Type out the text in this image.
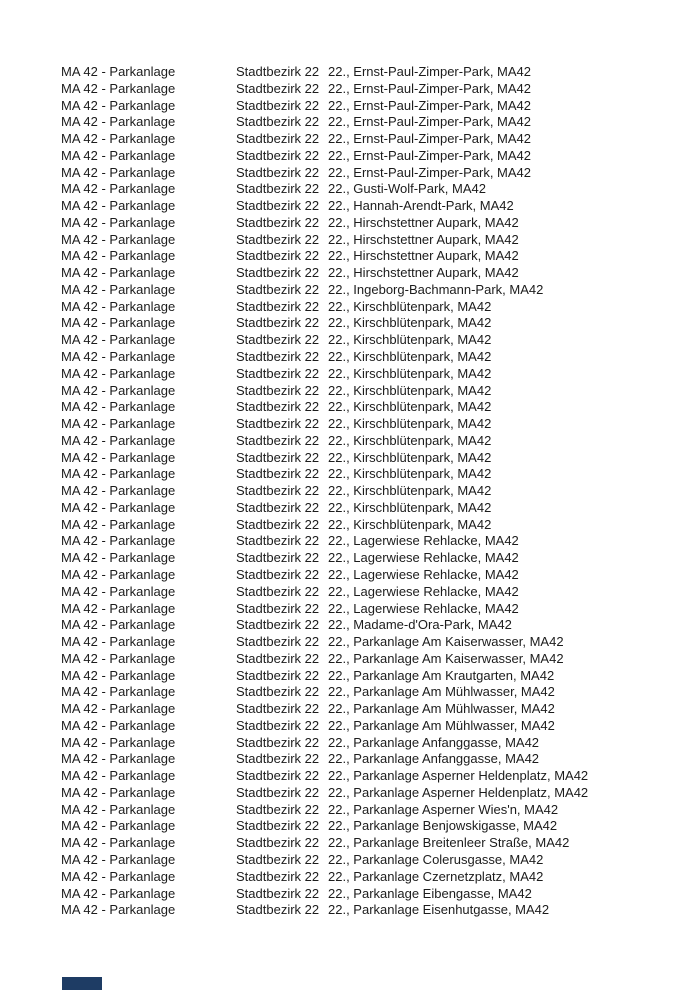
MA 42 - Parkanlage	Stadtbezirk 22 22., Ernst-Paul-Zimper-Park, MA42
MA 42 - Parkanlage	Stadtbezirk 22 22., Ernst-Paul-Zimper-Park, MA42
MA 42 - Parkanlage	Stadtbezirk 22 22., Ernst-Paul-Zimper-Park, MA42
MA 42 - Parkanlage	Stadtbezirk 22 22., Ernst-Paul-Zimper-Park, MA42
MA 42 - Parkanlage	Stadtbezirk 22 22., Ernst-Paul-Zimper-Park, MA42
MA 42 - Parkanlage	Stadtbezirk 22 22., Ernst-Paul-Zimper-Park, MA42
MA 42 - Parkanlage	Stadtbezirk 22 22., Ernst-Paul-Zimper-Park, MA42
MA 42 - Parkanlage	Stadtbezirk 22 22., Gusti-Wolf-Park, MA42
MA 42 - Parkanlage	Stadtbezirk 22 22., Hannah-Arendt-Park, MA42
MA 42 - Parkanlage	Stadtbezirk 22 22., Hirschstettner Aupark, MA42
MA 42 - Parkanlage	Stadtbezirk 22 22., Hirschstettner Aupark, MA42
MA 42 - Parkanlage	Stadtbezirk 22 22., Hirschstettner Aupark, MA42
MA 42 - Parkanlage	Stadtbezirk 22 22., Hirschstettner Aupark, MA42
MA 42 - Parkanlage	Stadtbezirk 22 22., Ingeborg-Bachmann-Park, MA42
MA 42 - Parkanlage	Stadtbezirk 22 22., Kirschblütenpark, MA42
MA 42 - Parkanlage	Stadtbezirk 22 22., Kirschblütenpark, MA42
MA 42 - Parkanlage	Stadtbezirk 22 22., Kirschblütenpark, MA42
MA 42 - Parkanlage	Stadtbezirk 22 22., Kirschblütenpark, MA42
MA 42 - Parkanlage	Stadtbezirk 22 22., Kirschblütenpark, MA42
MA 42 - Parkanlage	Stadtbezirk 22 22., Kirschblütenpark, MA42
MA 42 - Parkanlage	Stadtbezirk 22 22., Kirschblütenpark, MA42
MA 42 - Parkanlage	Stadtbezirk 22 22., Kirschblütenpark, MA42
MA 42 - Parkanlage	Stadtbezirk 22 22., Kirschblütenpark, MA42
MA 42 - Parkanlage	Stadtbezirk 22 22., Kirschblütenpark, MA42
MA 42 - Parkanlage	Stadtbezirk 22 22., Kirschblütenpark, MA42
MA 42 - Parkanlage	Stadtbezirk 22 22., Kirschblütenpark, MA42
MA 42 - Parkanlage	Stadtbezirk 22 22., Kirschblütenpark, MA42
MA 42 - Parkanlage	Stadtbezirk 22 22., Kirschblütenpark, MA42
MA 42 - Parkanlage	Stadtbezirk 22 22., Lagerwiese Rehlacke, MA42
MA 42 - Parkanlage	Stadtbezirk 22 22., Lagerwiese Rehlacke, MA42
MA 42 - Parkanlage	Stadtbezirk 22 22., Lagerwiese Rehlacke, MA42
MA 42 - Parkanlage	Stadtbezirk 22 22., Lagerwiese Rehlacke, MA42
MA 42 - Parkanlage	Stadtbezirk 22 22., Lagerwiese Rehlacke, MA42
MA 42 - Parkanlage	Stadtbezirk 22 22., Madame-d'Ora-Park, MA42
MA 42 - Parkanlage	Stadtbezirk 22 22., Parkanlage Am Kaiserwasser, MA42
MA 42 - Parkanlage	Stadtbezirk 22 22., Parkanlage Am Kaiserwasser, MA42
MA 42 - Parkanlage	Stadtbezirk 22 22., Parkanlage Am Krautgarten, MA42
MA 42 - Parkanlage	Stadtbezirk 22 22., Parkanlage Am Mühlwasser, MA42
MA 42 - Parkanlage	Stadtbezirk 22 22., Parkanlage Am Mühlwasser, MA42
MA 42 - Parkanlage	Stadtbezirk 22 22., Parkanlage Am Mühlwasser, MA42
MA 42 - Parkanlage	Stadtbezirk 22 22., Parkanlage Anfanggasse, MA42
MA 42 - Parkanlage	Stadtbezirk 22 22., Parkanlage Anfanggasse, MA42
MA 42 - Parkanlage	Stadtbezirk 22 22., Parkanlage Asperner Heldenplatz, MA42
MA 42 - Parkanlage	Stadtbezirk 22 22., Parkanlage Asperner Heldenplatz, MA42
MA 42 - Parkanlage	Stadtbezirk 22 22., Parkanlage Asperner Wies'n, MA42
MA 42 - Parkanlage	Stadtbezirk 22 22., Parkanlage Benjowskigasse, MA42
MA 42 - Parkanlage	Stadtbezirk 22 22., Parkanlage Breitenleer Straße, MA42
MA 42 - Parkanlage	Stadtbezirk 22 22., Parkanlage Colerusgasse, MA42
MA 42 - Parkanlage	Stadtbezirk 22 22., Parkanlage Czernetzplatz, MA42
MA 42 - Parkanlage	Stadtbezirk 22 22., Parkanlage Eibengasse, MA42
MA 42 - Parkanlage	Stadtbezirk 22 22., Parkanlage Eisenhutgasse, MA42
